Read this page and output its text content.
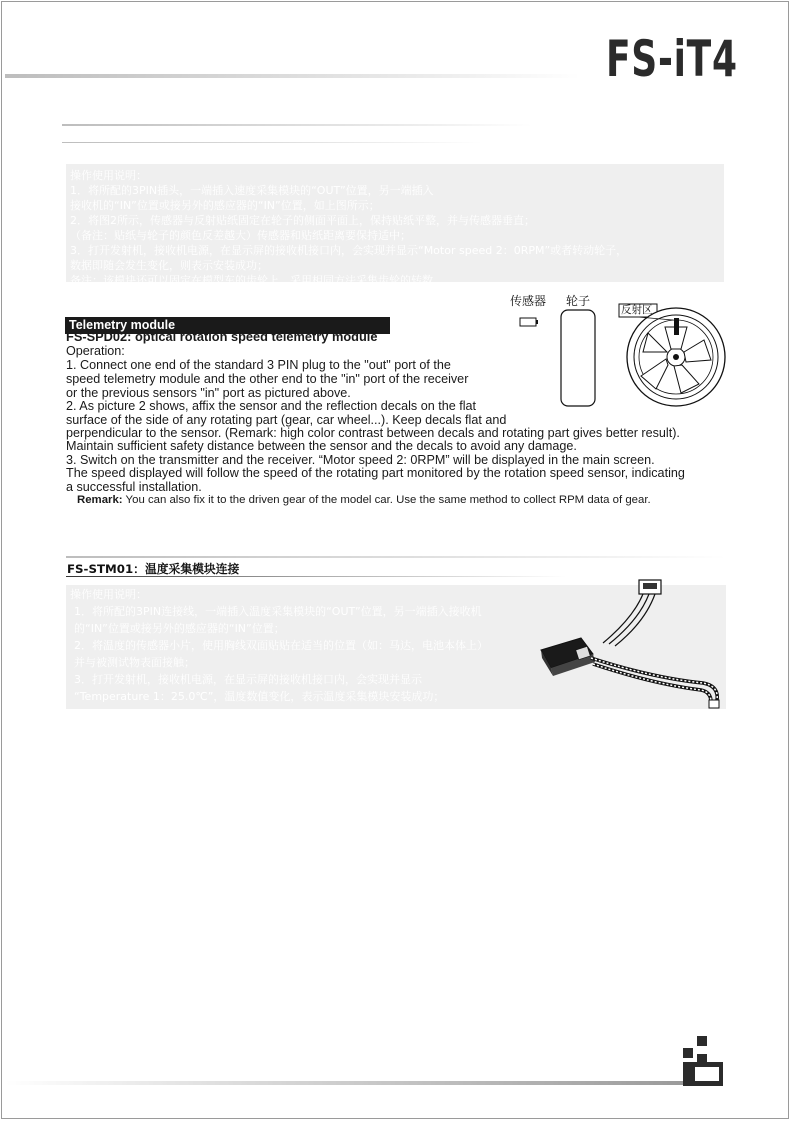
FS-iT4
操作使用说明：
1．将所配的3PIN插头，一端插入速度采集模块的“OUT”位置，另一端插入
接收机的“IN”位置或接另外的感应器的“IN”位置，如上图所示；
2．将图2所示，传感器与反射贴纸固定在轮子的侧面平面上，保持贴纸平整，并与传感器垂直；
（备注：贴纸与轮子的颜色反差越大）传感器和贴纸距离要保持适中；
3．打开发射机，接收机电源，在显示屏的接收机接口内，会实现并显示“Motor speed 2：0RPM”或者转动轮子，
数据即随会发生变化，则表示安装成功；
备注：该模块还可以固定在模型车的齿轮上，采用相同方法采集齿轮的转数。
传感器 轮子
反射区
Telemetry module
FS-SPD02: optical rotation speed telemetry module
Operation:
1. Connect one end of the standard 3 PIN plug to the "out" port of the
speed telemetry module and the other end to the "in" port of the receiver
or the previous sensors "in" port as pictured above.
2. As picture 2 shows, affix the sensor and the reflection decals on the flat
surface of the side of any rotating part (gear, car wheel...). Keep decals flat and
perpendicular to the sensor. (Remark: high color contrast between decals and rotating part gives better result).
Maintain sufficient safety distance between the sensor and the decals to avoid any damage.
3. Switch on the transmitter and the receiver. “Motor speed 2: 0RPM” will be displayed in the main screen.
The speed displayed will follow the speed of the rotating part monitored by the rotation speed sensor, indicating
a successful installation.
Remark: You can also fix it to the driven gear of the model car. Use the same method to collect RPM data of gear.
FS-STM01：温度采集模块连接
操作使用说明：
1．将所配的3PIN连接线，一端插入温度采集模块的“OUT”位置，另一端插入接收机
的“IN”位置或接另外的感应器的“IN”位置；
2．将温度的传感器小片，使用胸线双面贴贴在适当的位置（如：马达，电池本体上）
并与被测试物表面接触；
3．打开发射机，接收机电源，在显示屏的接收机接口内，会实现并显示
“Temperature 1：25.0℃”，温度数值变化，表示温度采集模块安装成功；
